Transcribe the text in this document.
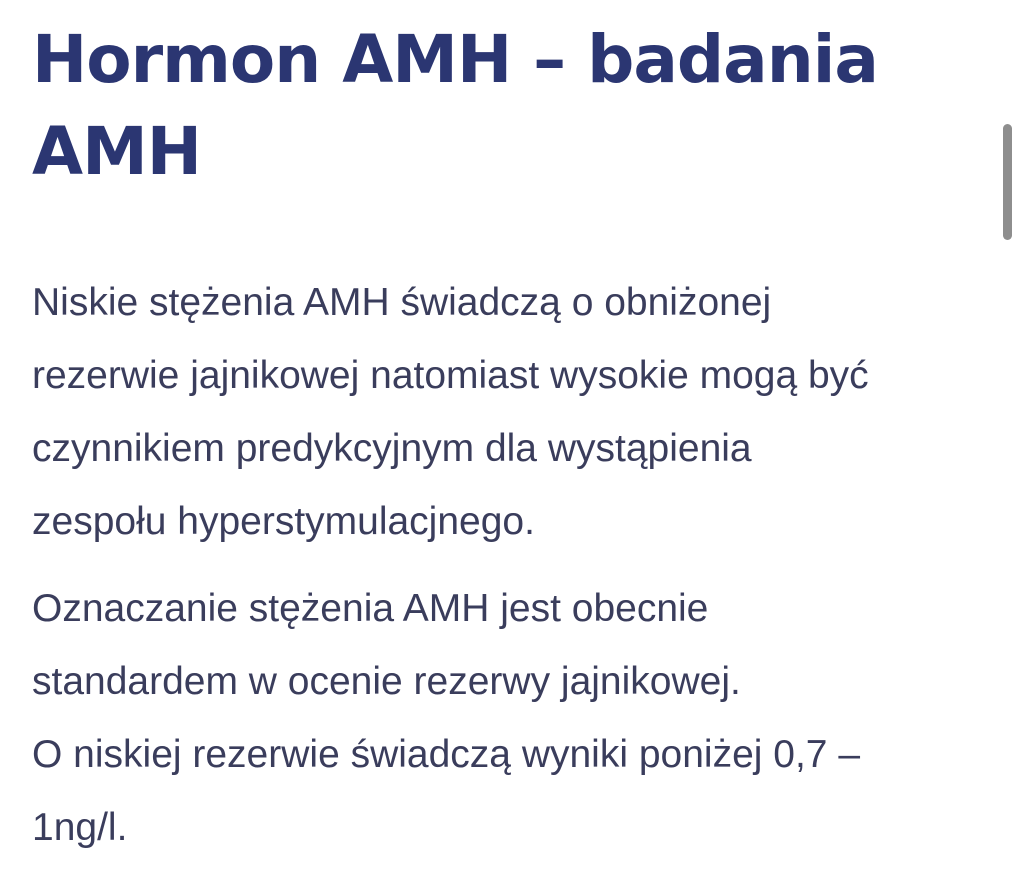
Hormon AMH – badania
AMH

Niskie stężenia AMH świadczą o obniżonej
rezerwie jajnikowej natomiast wysokie mogą być
czynnikiem predykcyjnym dla wystąpienia
zespołu hyperstymulacjnego.

Oznaczanie stężenia AMH jest obecnie
standardem w ocenie rezerwy jajnikowej.
O niskiej rezerwie świadczą wyniki poniżej 0,7 –
1ng/l.
